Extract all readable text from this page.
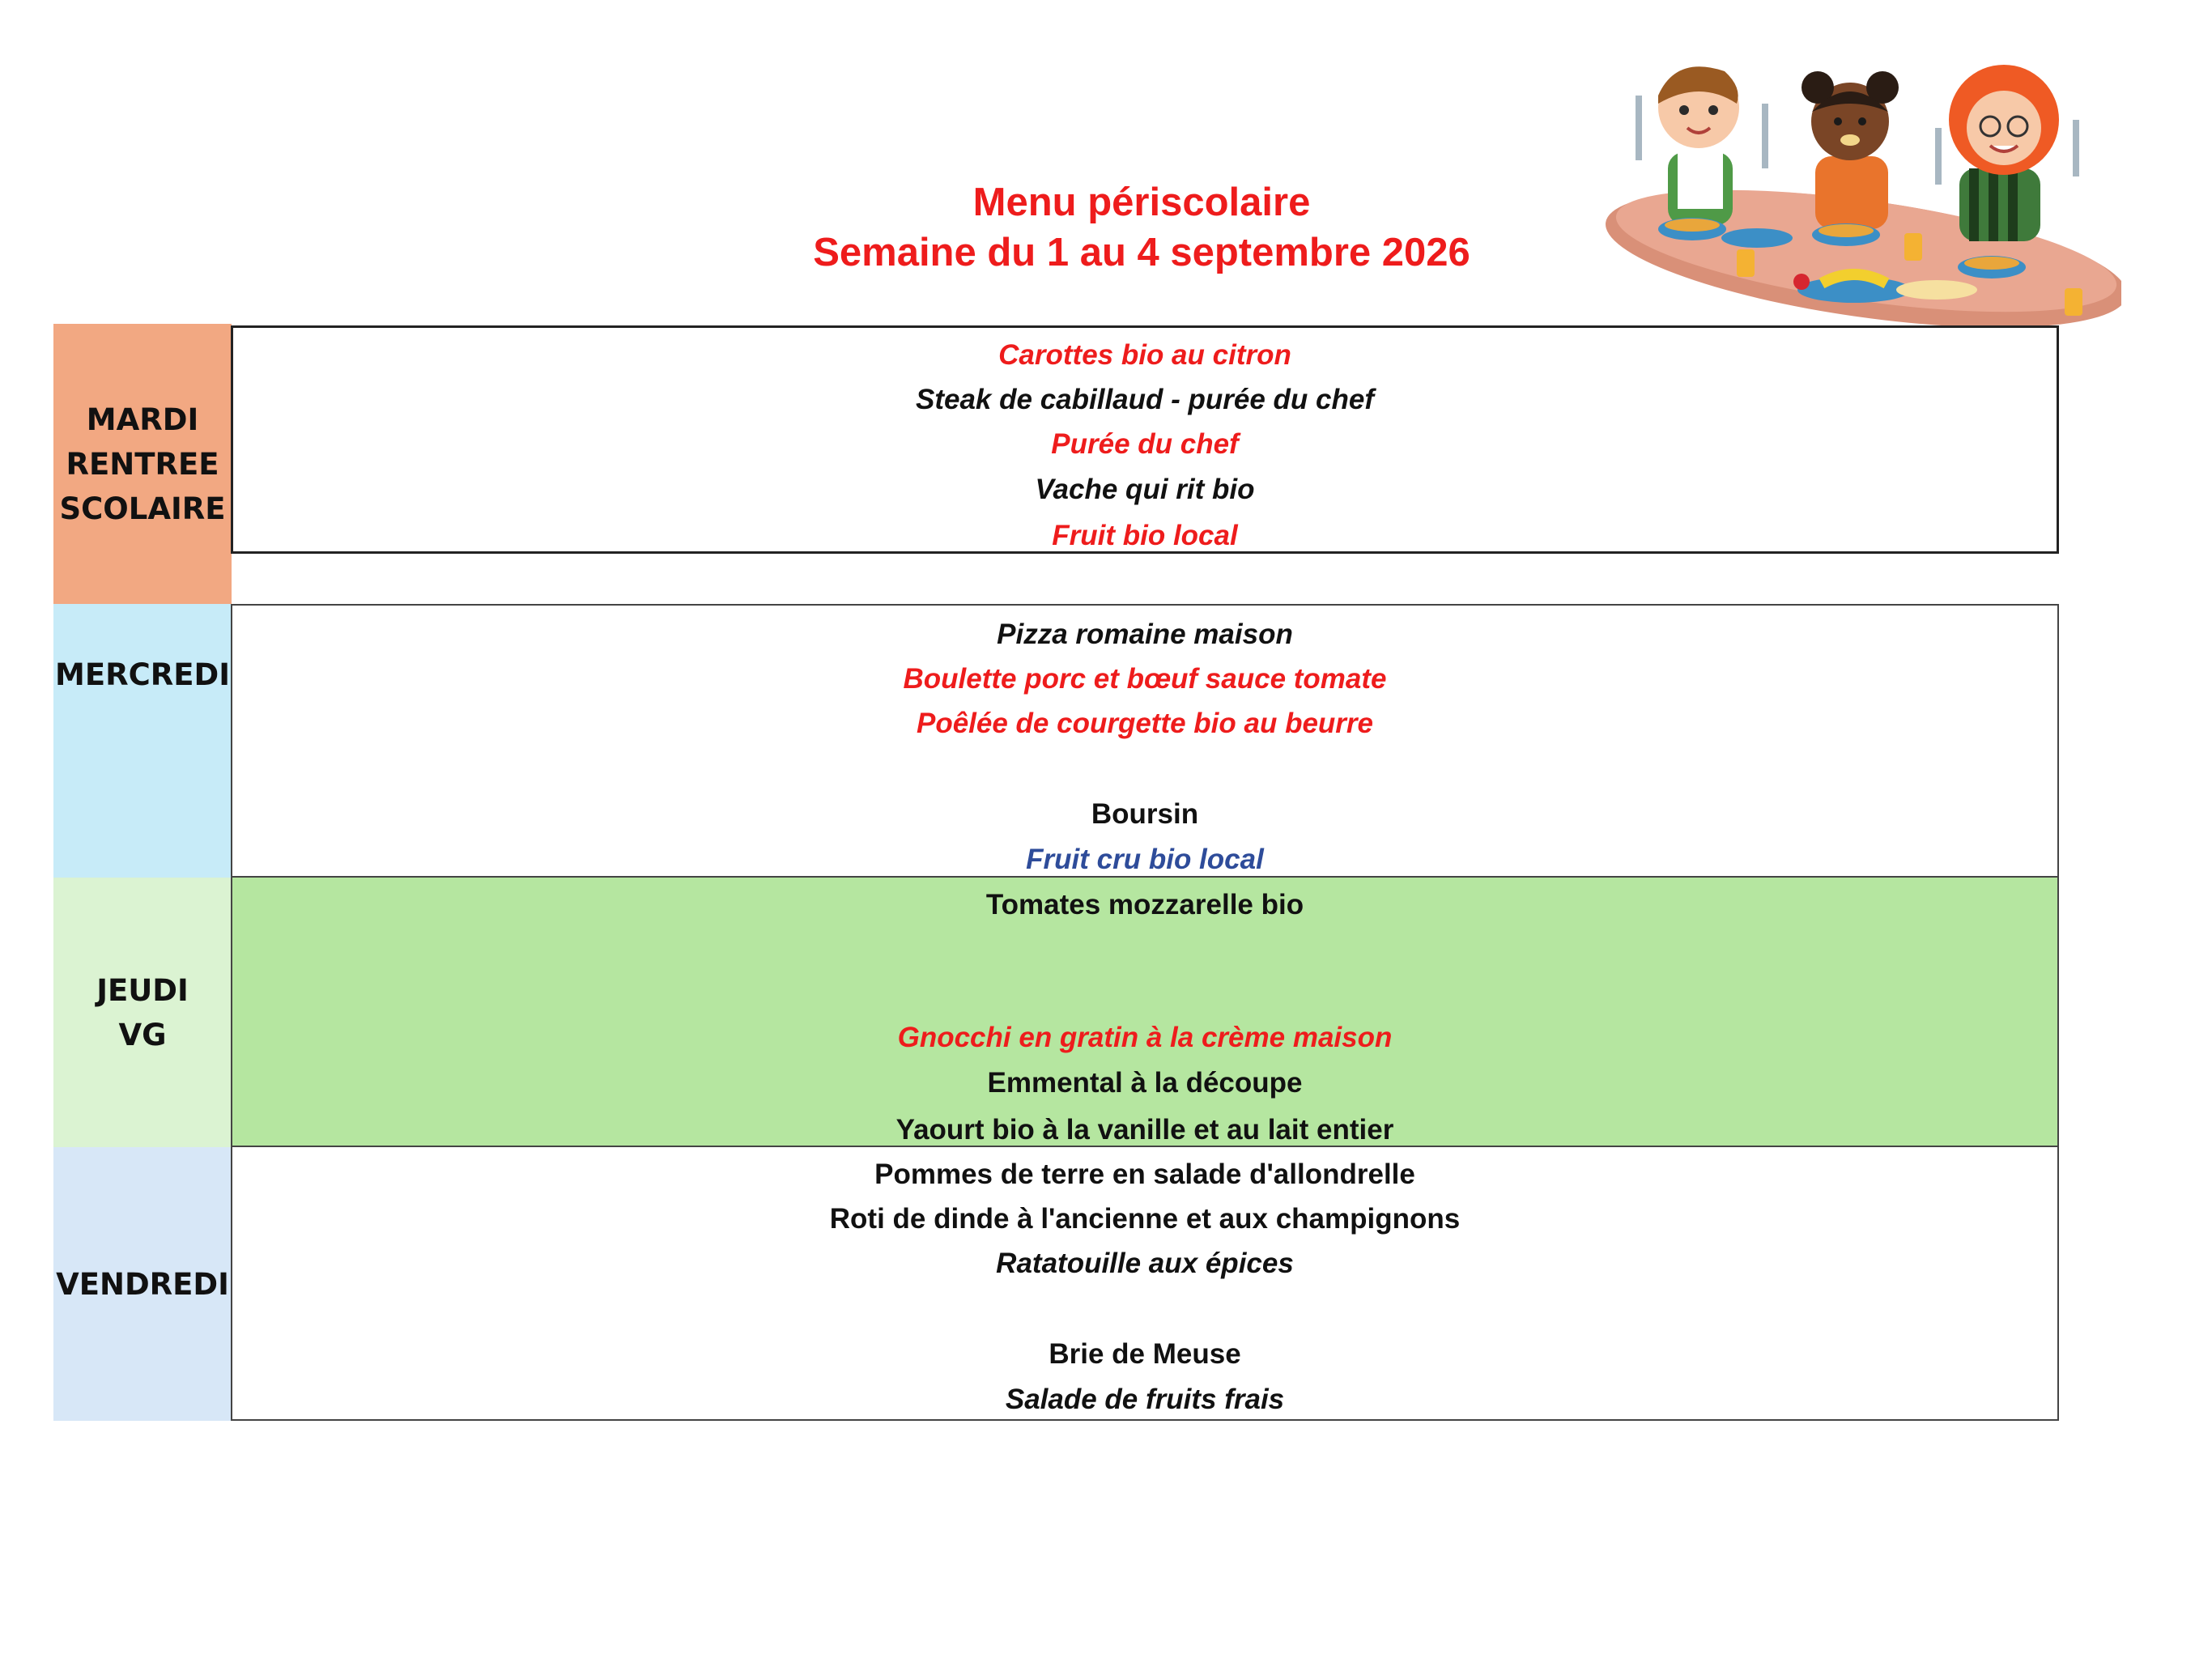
Menu périscolaire
Semaine du 1 au 4 septembre 2026
MARDI
RENTREE
SCOLAIRE
MERCREDI
JEUDI
VG
VENDREDI
Carottes bio au citron
Steak de cabillaud - purée du chef
Purée du chef
Vache qui rit bio
Fruit bio local
Pizza romaine maison
Boulette porc et bœuf sauce tomate
Poêlée de courgette bio au beurre
Boursin
Fruit cru bio local
Tomates mozzarelle bio
Gnocchi en gratin à la crème maison
Emmental à la découpe
Yaourt bio à la vanille et au lait entier
Pommes de terre en salade d'allondrelle
Roti de dinde à l'ancienne et aux champignons
Ratatouille aux épices
Brie de Meuse
Salade de fruits frais
